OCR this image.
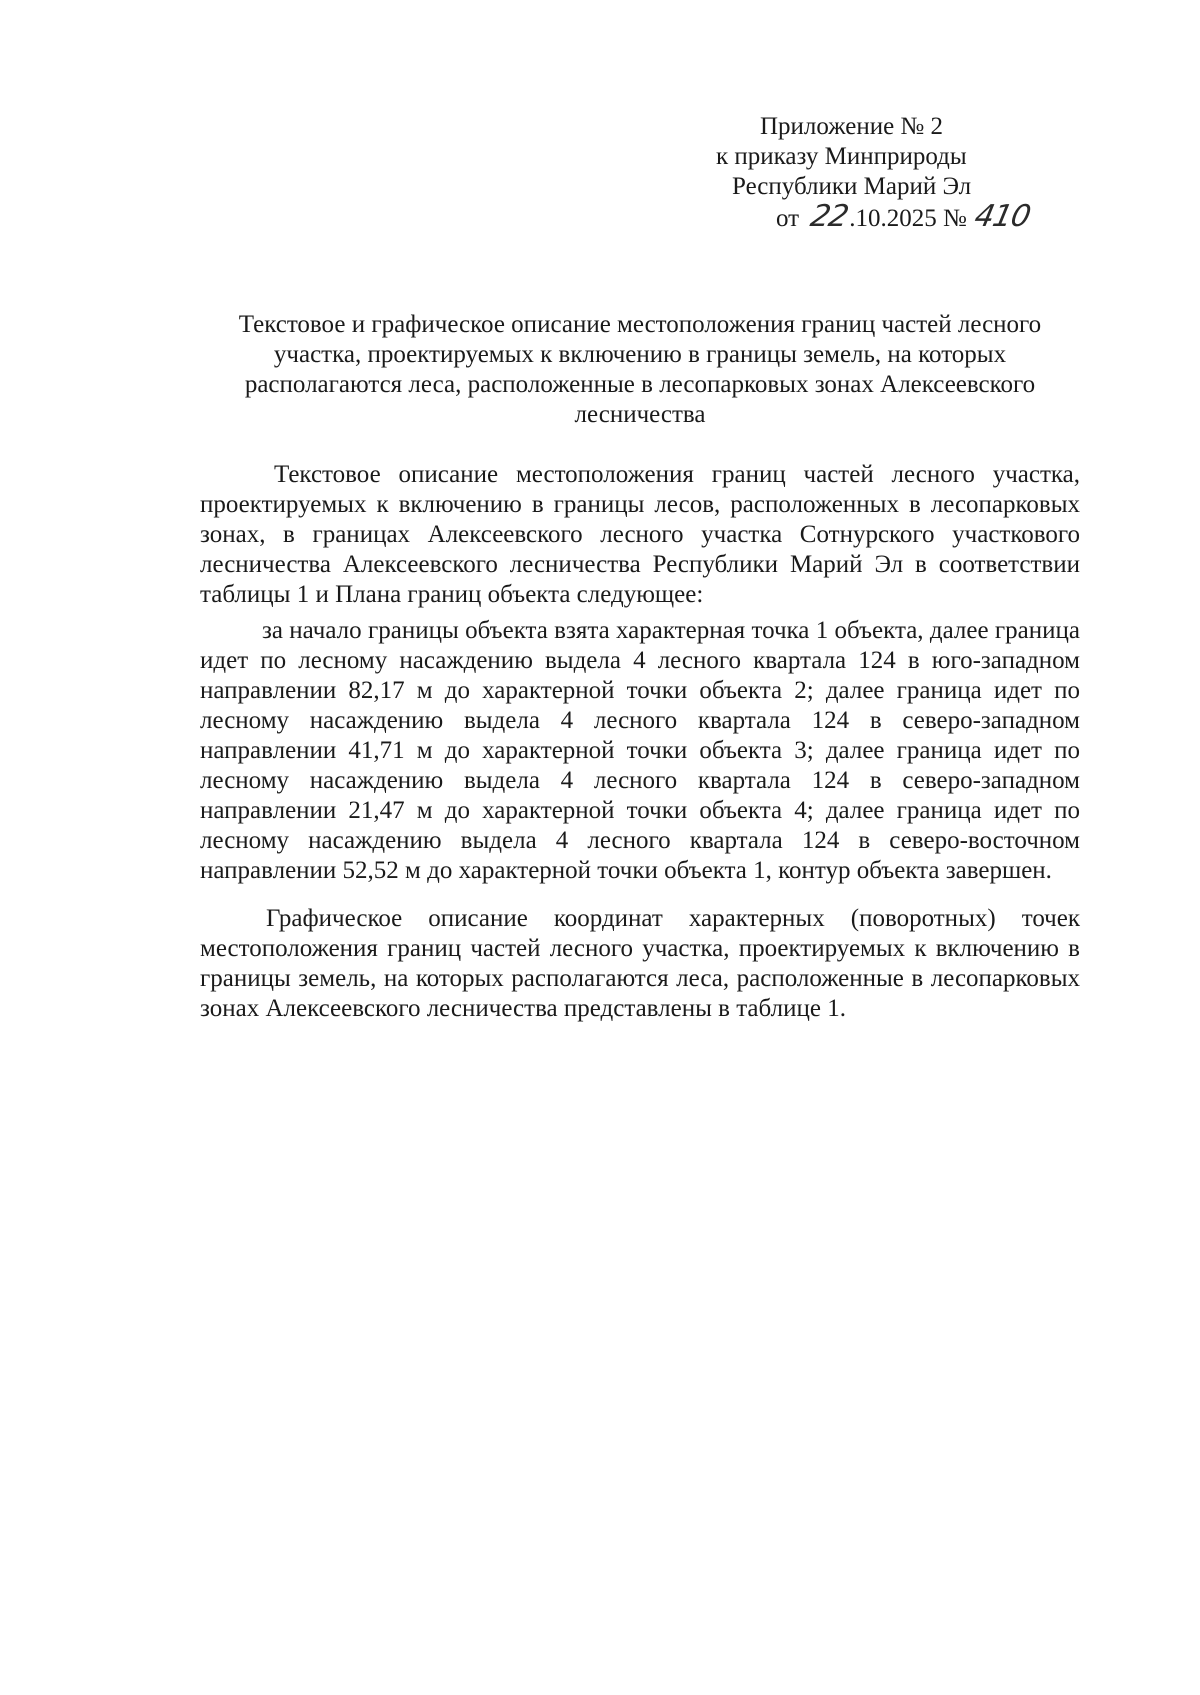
Приложение № 2
к приказу Минприроды
Республики Марий Эл
от 22.10.2025 № 410
Текстовое и графическое описание местоположения границ частей лесного участка, проектируемых к включению в границы земель, на которых располагаются леса, расположенные в лесопарковых зонах Алексеевского лесничества

Текстовое описание местоположения границ частей лесного участка, проектируемых к включению в границы лесов, расположенных в лесопарковых зонах, в границах Алексеевского лесного участка Сотнурского участкового лесничества Алексеевского лесничества Республики Марий Эл в соответствии таблицы 1 и Плана границ объекта следующее:

за начало границы объекта взята характерная точка 1 объекта, далее граница идет по лесному насаждению выдела 4 лесного квартала 124 в юго-западном направлении 82,17 м до характерной точки объекта 2; далее граница идет по лесному насаждению выдела 4 лесного квартала 124 в северо-западном направлении 41,71 м до характерной точки объекта 3; далее граница идет по лесному насаждению выдела 4 лесного квартала 124 в северо-западном направлении 21,47 м до характерной точки объекта 4; далее граница идет по лесному насаждению выдела 4 лесного квартала 124 в северо-восточном направлении 52,52 м до характерной точки объекта 1, контур объекта завершен.

Графическое описание координат характерных (поворотных) точек местоположения границ частей лесного участка, проектируемых к включению в границы земель, на которых располагаются леса, расположенные в лесопарковых зонах Алексеевского лесничества представлены в таблице 1.
